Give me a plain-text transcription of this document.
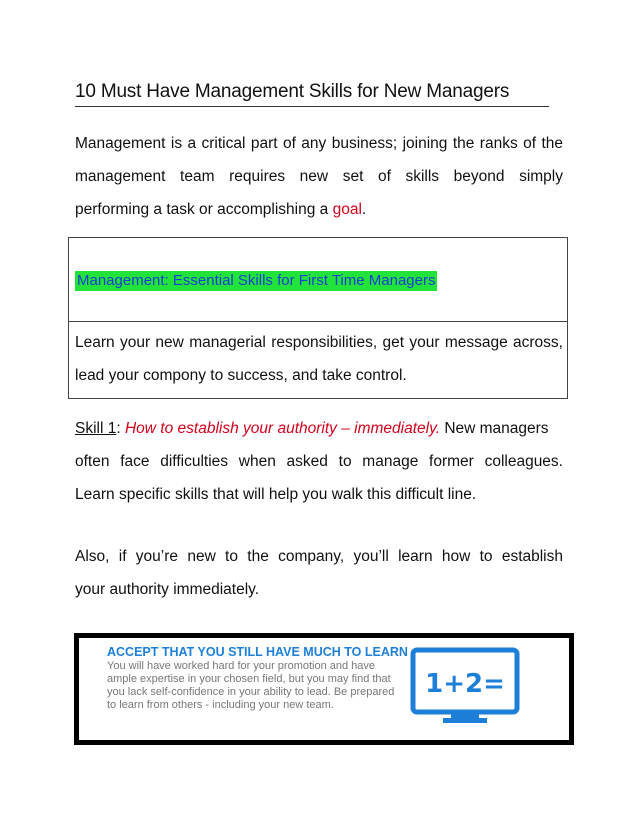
10 Must Have Management Skills for New Managers
Management is a critical part of any business; joining the ranks of the
management team requires new set of skills beyond simply
performing a task or accomplishing a goal.
Management: Essential Skills for First Time Managers
Learn your new managerial responsibilities, get your message across,
lead your compony to success, and take control.
Skill 1: How to establish your authority – immediately. New managers
often face difficulties when asked to manage former colleagues.
Learn specific skills that will help you walk this difficult line.
Also, if you’re new to the company, you’ll learn how to establish
your authority immediately.
ACCEPT THAT YOU STILL HAVE MUCH TO LEARN
You will have worked hard for your promotion and have
ample expertise in your chosen field, but you may find that
you lack self-confidence in your ability to lead. Be prepared
to learn from others - including your new team.
1+2=
